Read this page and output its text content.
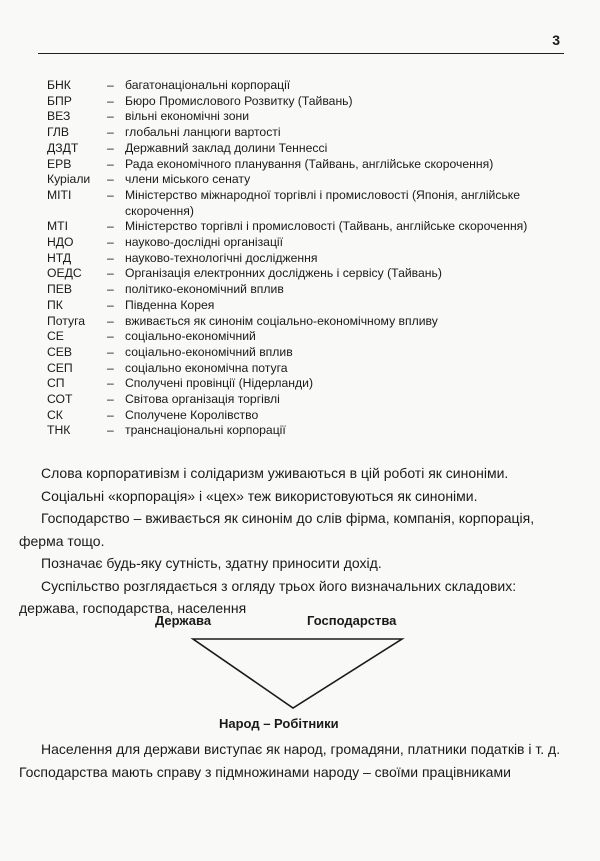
3
БНК	– багатонаціональні корпорації
БПР	– Бюро Промислового Розвитку (Тайвань)
ВЕЗ	– вільні економічні зони
ГЛВ	– глобальні ланцюги вартості
ДЗДТ	– Державний заклад долини Теннессі
ЕРВ	– Рада економічного планування (Тайвань, англійське скорочення)
Куріали	– члени міського сенату
МІТІ	– Міністерство міжнародної торгівлі і промисловості (Японія, англійське скорочення)
МТІ	– Міністерство торгівлі і промисловості (Тайвань, англійське скорочення)
НДО	– науково-дослідні організації
НТД	– науково-технологічні дослідження
ОЕДС	– Організація електронних досліджень і сервісу (Тайвань)
ПЕВ	– політико-економічний вплив
ПК	– Південна Корея
Потуга	– вживається як синонім соціально-економічному впливу
СЕ	– соціально-економічний
СЕВ	– соціально-економічний вплив
СЕП	– соціально економічна потуга
СП	– Сполучені провінції (Нідерланди)
СОТ	– Світова організація торгівлі
СК	– Сполучене Королівство
ТНК	– транснаціональні корпорації

Слова корпоративізм і солідаризм уживаються в цій роботі як синоніми.

Соціальні «корпорація» і «цех» теж використовуються як синоніми.

Господарство – вживається як синонім до слів фірма, компанія, корпорація, ферма тощо.

Позначає будь-яку сутність, здатну приносити дохід.

Суспільство розглядається з огляду трьох його визначальних складових: держава, господарства, населення

Держава	Господарства
Народ – Робітники

Населення для держави виступає як народ, громадяни, платники податків і т. д. Господарства мають справу з підмножинами народу – своїми працівниками
